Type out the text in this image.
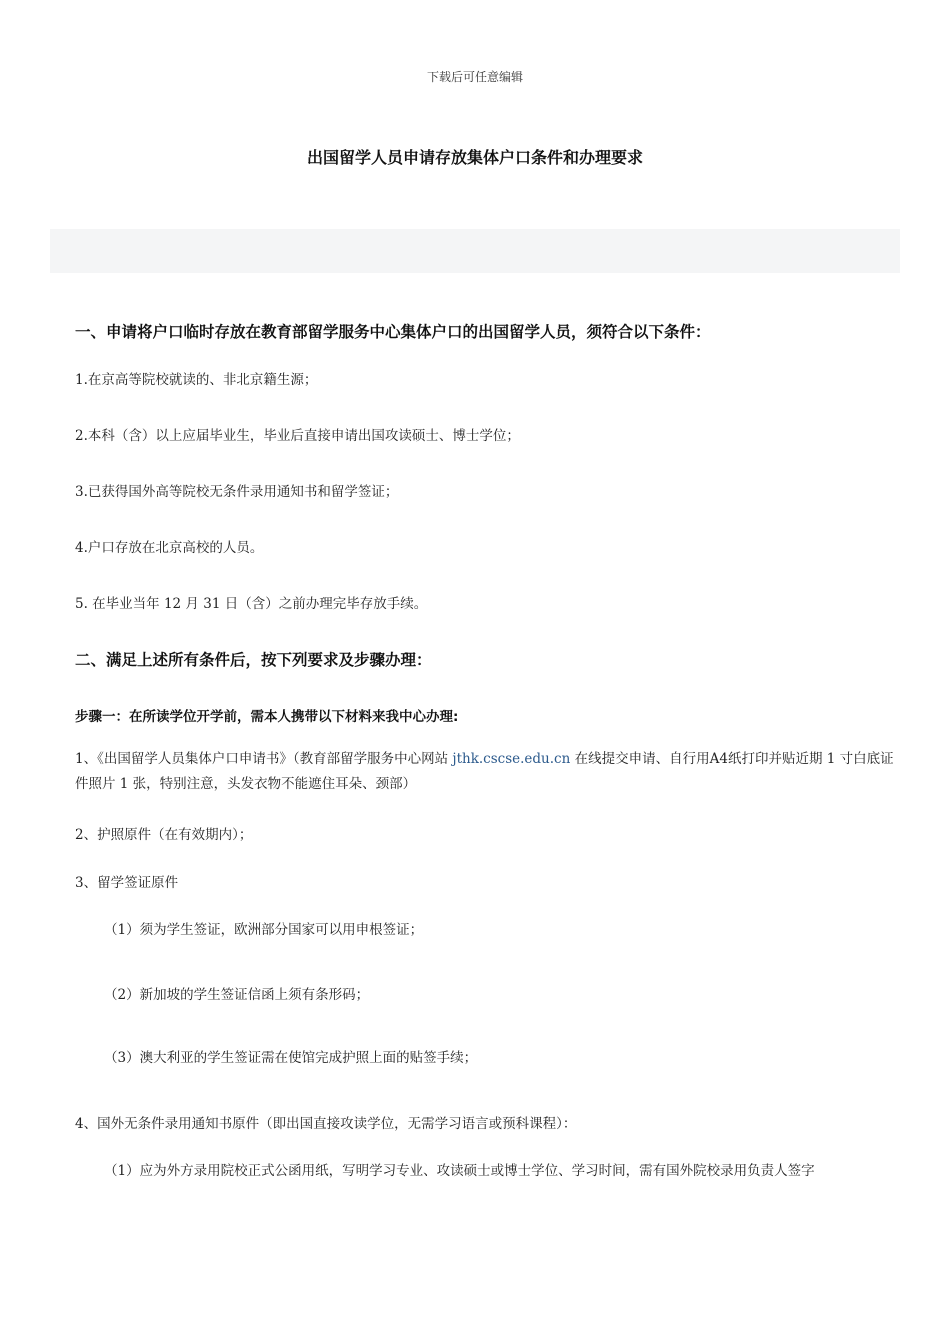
下载后可任意编辑
出国留学人员申请存放集体户口条件和办理要求
一、申请将户口临时存放在教育部留学服务中心集体户口的出国留学人员，须符合以下条件：
1.在京高等院校就读的、非北京籍生源；
2.本科（含）以上应届毕业生，毕业后直接申请出国攻读硕士、博士学位；
3.已获得国外高等院校无条件录用通知书和留学签证；
4.户口存放在北京高校的人员。
5. 在毕业当年 12 月 31 日（含）之前办理完毕存放手续。
二、满足上述所有条件后，按下列要求及步骤办理：
步骤一：在所读学位开学前，需本人携带以下材料来我中心办理:
1、《出国留学人员集体户口申请书》（教育部留学服务中心网站 jthk.cscse.edu.cn 在线提交申请、自行用A4纸打印并贴近期 1 寸白底证件照片 1 张，特别注意，头发衣物不能遮住耳朵、颈部）
2、护照原件（在有效期内）；
3、留学签证原件
（1）须为学生签证，欧洲部分国家可以用申根签证；
（2）新加坡的学生签证信函上须有条形码；
（3）澳大利亚的学生签证需在使馆完成护照上面的贴签手续；
4、国外无条件录用通知书原件（即出国直接攻读学位，无需学习语言或预科课程）：
（1）应为外方录用院校正式公函用纸，写明学习专业、攻读硕士或博士学位、学习时间，需有国外院校录用负责人签字
